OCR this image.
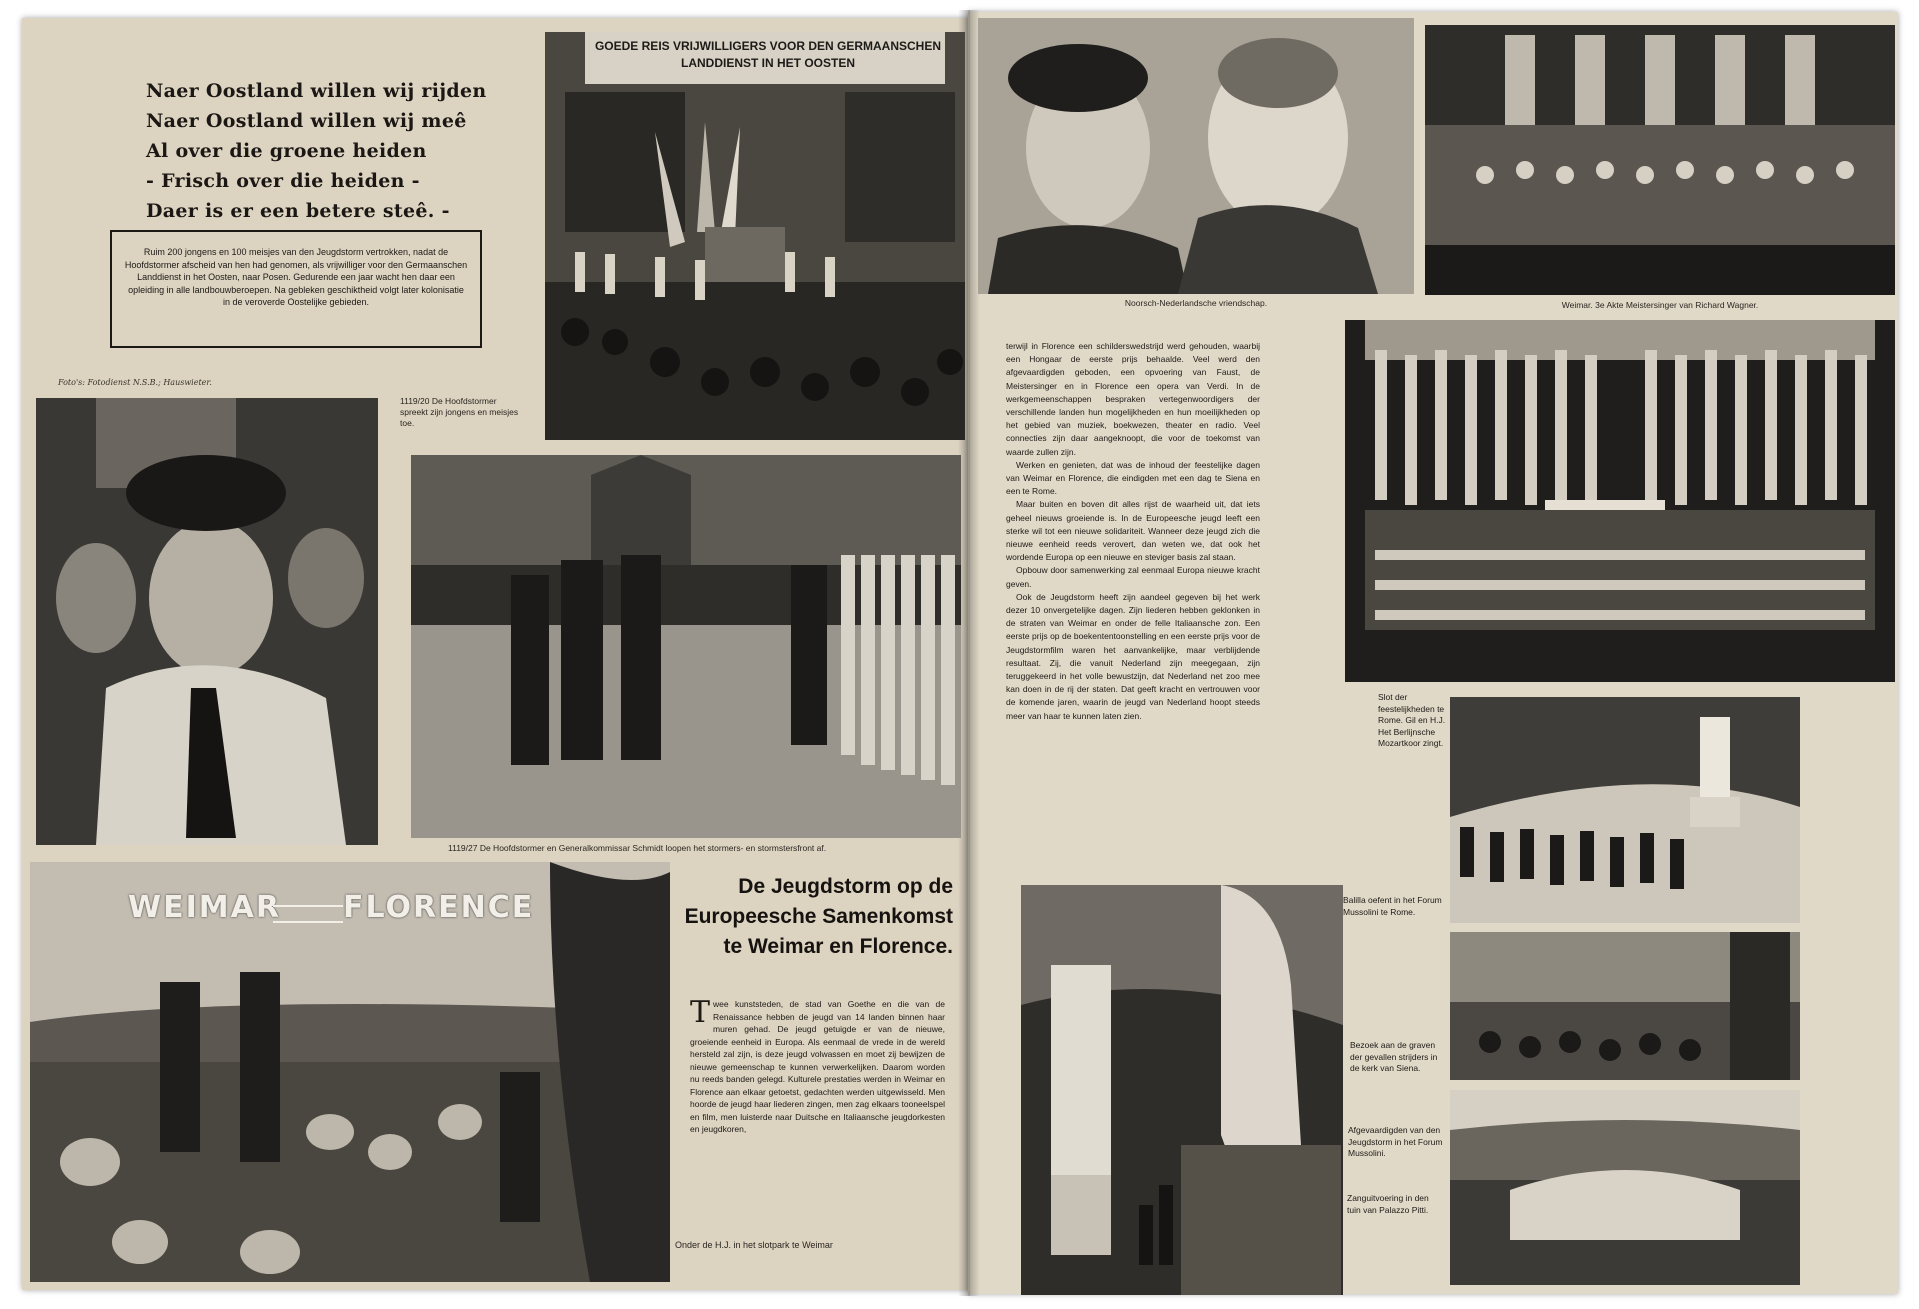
Naer Oostland willen wij rijden
Naer Oostland willen wij meê
Al over die groene heiden
- Frisch over die heiden -
Daer is er een betere steê. -
Ruim 200 jongens en 100 meisjes van den Jeugdstorm vertrokken, nadat de Hoofdstormer afscheid van hen had genomen, als vrijwilliger voor den Germaanschen Landdienst in het Oosten, naar Posen. Gedurende een jaar wacht hen daar een opleiding in alle landbouwberoepen. Na gebleken geschiktheid volgt later kolonisatie in de veroverde Oostelijke gebieden.
Foto's: Fotodienst N.S.B.; Hauswieter.
GOEDE REIS VRIJWILLIGERS VOOR DEN GERMAANSCHEN LANDDIENST IN HET OOSTEN
1119/20 De Hoofdstormer spreekt zijn jongens en meisjes toe.
1119/27 De Hoofdstormer en Generalkommissar Schmidt loopen het stormers- en stormstersfront af.
WEIMAR FLORENCE
De Jeugdstorm op de Europeesche Samenkomst te Weimar en Florence.
Twee kunststeden, de stad van Goethe en die van de Renaissance hebben de jeugd van 14 landen binnen haar muren gehad. De jeugd getuigde er van de nieuwe, groeiende eenheid in Europa. Als eenmaal de vrede in de wereld hersteld zal zijn, is deze jeugd volwassen en moet zij bewijzen de nieuwe gemeenschap te kunnen verwerkelijken. Daarom worden nu reeds banden gelegd. Kulturele prestaties werden in Weimar en Florence aan elkaar getoetst, gedachten werden uitgewisseld. Men hoorde de jeugd haar liederen zingen, men zag elkaars tooneelspel en film, men luisterde naar Duitsche en Italiaansche jeugdorkesten en jeugdkoren,
Onder de H.J. in het slotpark te Weimar
Noorsch-Nederlandsche vriendschap.	Weimar. 3e Akte Meistersinger van Richard Wagner.

terwijl in Florence een schilderswedstrijd werd gehouden, waarbij een Hongaar de eerste prijs behaalde. Veel werd den afgevaardigden geboden, een opvoering van Faust, de Meistersinger en in Florence een opera van Verdi. In de werkgemeenschappen bespraken vertegenwoordigers der verschillende landen hun mogelijkheden en hun moeilijkheden op het gebied van muziek, boekwezen, theater en radio. Veel connecties zijn daar aangeknoopt, die voor de toekomst van waarde zullen zijn.

Werken en genieten, dat was de inhoud der feestelijke dagen van Weimar en Florence, die eindigden met een dag te Siena en een te Rome.

Maar buiten en boven dit alles rijst de waarheid uit, dat iets geheel nieuws groeiende is. In de Europeesche jeugd leeft een sterke wil tot een nieuwe solidariteit. Wanneer deze jeugd zich die nieuwe eenheid reeds verovert, dan weten we, dat ook het wordende Europa op een nieuwe en steviger basis zal staan.

Opbouw door samenwerking zal eenmaal Europa nieuwe kracht geven.

Ook de Jeugdstorm heeft zijn aandeel gegeven bij het werk dezer 10 onvergetelijke dagen. Zijn liederen hebben geklonken in de straten van Weimar en onder de felle Italiaansche zon. Een eerste prijs op de boekententoonstelling en een eerste prijs voor de Jeugdstormfilm waren het aanvankelijke, maar verblijdende resultaat. Zij, die vanuit Nederland zijn meegegaan, zijn teruggekeerd in het volle bewustzijn, dat Nederland net zoo mee kan doen in de rij der staten. Dat geeft kracht en vertrouwen voor de komende jaren, waarin de jeugd van Nederland hoopt steeds meer van haar te kunnen laten zien.

Slot der feestelijkheden te Rome. Gil en H.J. Het Berlijnsche Mozartkoor zingt.
Balilla oefent in het Forum Mussolini te Rome.
Bezoek aan de graven der gevallen strijders in de kerk van Siena.
Afgevaardigden van den Jeugdstorm in het Forum Mussolini.
Zanguitvoering in den tuin van Palazzo Pitti.
